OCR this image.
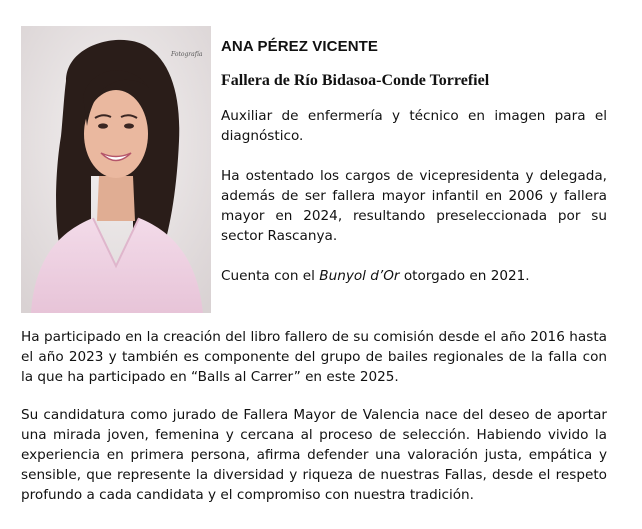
Fotografía ANA PÉREZ VICENTE
Fallera de Río Bidasoa-Conde Torrefiel

Auxiliar de enfermería y técnico en imagen para el diagnóstico.

Ha ostentado los cargos de vicepresidenta y delegada, además de ser fallera mayor infantil en 2006 y fallera mayor en 2024, resultando preseleccionada por su sector Rascanya.

Cuenta con el Bunyol d’Or otorgado en 2021.

Ha participado en la creación del libro fallero de su comisión desde el año 2016 hasta el año 2023 y también es componente del grupo de bailes regionales de la falla con la que ha participado en “Balls al Carrer” en este 2025.

Su candidatura como jurado de Fallera Mayor de Valencia nace del deseo de aportar una mirada joven, femenina y cercana al proceso de selección. Habiendo vivido la experiencia en primera persona, afirma defender una valoración justa, empática y sensible, que represente la diversidad y riqueza de nuestras Fallas, desde el respeto profundo a cada candidata y el compromiso con nuestra tradición.
